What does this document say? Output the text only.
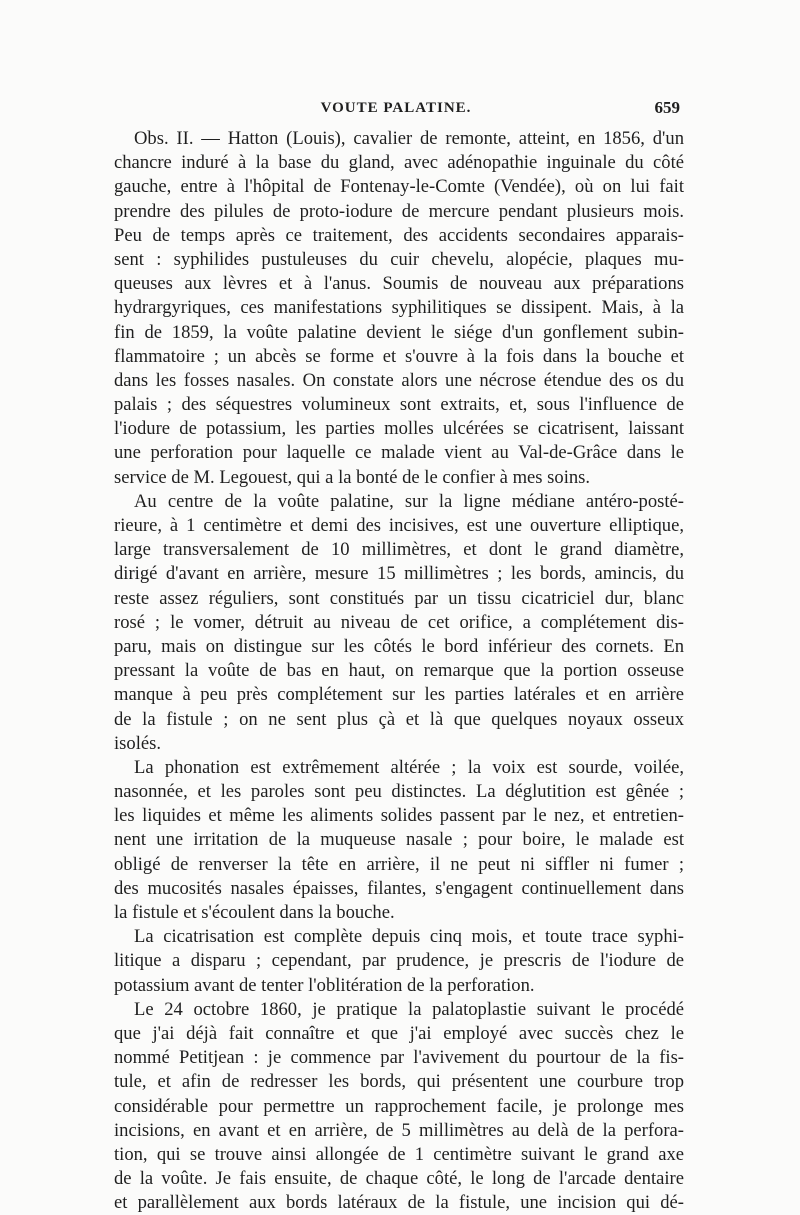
VOUTE PALATINE.	659
Obs. II. — Hatton (Louis), cavalier de remonte, atteint, en 1856, d'un
chancre induré à la base du gland, avec adénopathie inguinale du côté
gauche, entre à l'hôpital de Fontenay-le-Comte (Vendée), où on lui fait
prendre des pilules de proto-iodure de mercure pendant plusieurs mois.
Peu de temps après ce traitement, des accidents secondaires apparais-
sent : syphilides pustuleuses du cuir chevelu, alopécie, plaques mu-
queuses aux lèvres et à l'anus. Soumis de nouveau aux préparations
hydrargyriques, ces manifestations syphilitiques se dissipent. Mais, à la
fin de 1859, la voûte palatine devient le siége d'un gonflement subin-
flammatoire ; un abcès se forme et s'ouvre à la fois dans la bouche et
dans les fosses nasales. On constate alors une nécrose étendue des os du
palais ; des séquestres volumineux sont extraits, et, sous l'influence de
l'iodure de potassium, les parties molles ulcérées se cicatrisent, laissant
une perforation pour laquelle ce malade vient au Val-de-Grâce dans le
service de M. Legouest, qui a la bonté de le confier à mes soins.
Au centre de la voûte palatine, sur la ligne médiane antéro-posté-
rieure, à 1 centimètre et demi des incisives, est une ouverture elliptique,
large transversalement de 10 millimètres, et dont le grand diamètre,
dirigé d'avant en arrière, mesure 15 millimètres ; les bords, amincis, du
reste assez réguliers, sont constitués par un tissu cicatriciel dur, blanc
rosé ; le vomer, détruit au niveau de cet orifice, a complétement dis-
paru, mais on distingue sur les côtés le bord inférieur des cornets. En
pressant la voûte de bas en haut, on remarque que la portion osseuse
manque à peu près complétement sur les parties latérales et en arrière
de la fistule ; on ne sent plus çà et là que quelques noyaux osseux
isolés.
La phonation est extrêmement altérée ; la voix est sourde, voilée,
nasonnée, et les paroles sont peu distinctes. La déglutition est gênée ;
les liquides et même les aliments solides passent par le nez, et entretien-
nent une irritation de la muqueuse nasale ; pour boire, le malade est
obligé de renverser la tête en arrière, il ne peut ni siffler ni fumer ;
des mucosités nasales épaisses, filantes, s'engagent continuellement dans
la fistule et s'écoulent dans la bouche.
La cicatrisation est complète depuis cinq mois, et toute trace syphi-
litique a disparu ; cependant, par prudence, je prescris de l'iodure de
potassium avant de tenter l'oblitération de la perforation.
Le 24 octobre 1860, je pratique la palatoplastie suivant le procédé
que j'ai déjà fait connaître et que j'ai employé avec succès chez le
nommé Petitjean : je commence par l'avivement du pourtour de la fis-
tule, et afin de redresser les bords, qui présentent une courbure trop
considérable pour permettre un rapprochement facile, je prolonge mes
incisions, en avant et en arrière, de 5 millimètres au delà de la perfora-
tion, qui se trouve ainsi allongée de 1 centimètre suivant le grand axe
de la voûte. Je fais ensuite, de chaque côté, le long de l'arcade dentaire
et parallèlement aux bords latéraux de la fistule, une incision qui dé-
